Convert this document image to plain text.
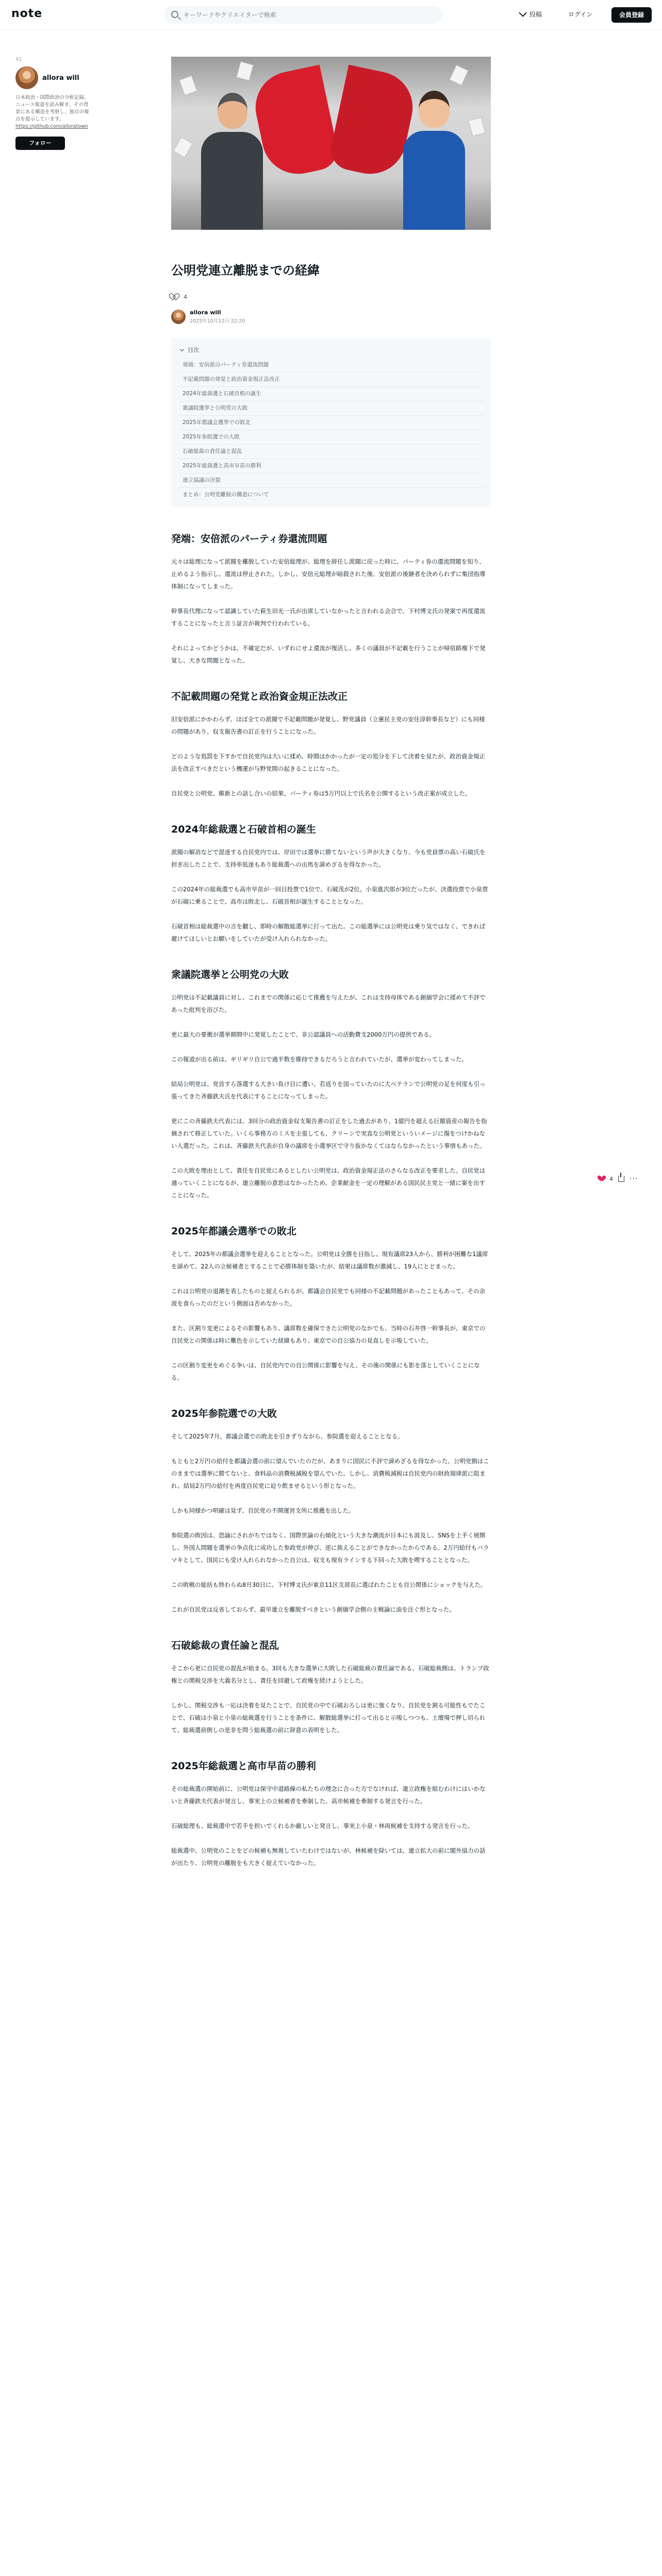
note
キーワードやクリエイターで検索	投稿	ログイン	会員登録
41
allora will
日本政治・国際政治の分析記録。ニュース報道を読み解き、その背景にある構造を考察し、独自の視点を提示しています。 https://github.com/alloratown
フォロー
公明党連立離脱までの経緯
4
allora will
2025年10月12日 22:20
目次
発端：安倍派のパーティ券還流問題
不記載問題の発覚と政治資金規正法改正
2024年総裁選と石破首相の誕生
衆議院選挙と公明党の大敗
2025年都議会選挙での敗北
2025年参院選での大敗
石破総裁の責任論と混乱
2025年総裁選と高市早苗の勝利
連立協議の決裂
まとめ：公明党離脱の構造について
発端：安倍派のパーティ券還流問題
元々は総理になって派閥を離脱していた安倍総理が、総理を辞任し派閥に戻った時に、パーティ券の還流問題を知り、止めるよう指示し、還流は停止された。しかし、安倍元総理が暗殺された後、安倍派の後継者を決められずに集団指導体制になってしまった。
幹事長代理になって認識していた萩生田光一氏が出席していなかったと言われる会合で、下村博文氏の発案で再度還流することになったと言う証言が裁判で行われている。
それによってかどうかは、不確定だが、いずれにせよ還流が復活し、多くの議員が不記載を行うことが帰宿路権下で発覚し、大きな問題となった。
不記載問題の発覚と政治資金規正法改正
旧安倍派にかかわらず、ほぼ全ての派閥で不記載問題が発覚し、野党議員（立憲民主党の安住淳幹事長など）にも同様の問題があり、収支報告書の訂正を行うことになった。
どのような処罰を下すかで自民党内は大いに揉め、時間はかかったが一定の処分を下して決着を見たが、政治資金規正法を改正すべきだという機運が与野党間の起きることになった。
自民党と公明党、維新との話し合いの結果、パーティ券は5万円以上で氏名を公開するという改正案が成立した。
2024年総裁選と石破首相の誕生
派閥の解消などで混迷する自民党内では、岸田では選挙に勝てないという声が大きくなり、今も党員票の高い石破氏を担ぎ出したことで、支持率低迷もあり総裁選への出馬を諦めざるを得なかった。
この2024年の総裁選でも高市早苗が一回目投票で1位で、石破茂が2位。小泉進次郎が3位だったが、決選投票で小泉票が石破に乗ることで、高市は敗北し、石破首相が誕生することとなった。
石破首相は総裁選中の言を翻し、即時の解散総選挙に打って出た。この総選挙には公明党は乗り気ではなく、できれば避けてほしいとお願いをしていたが受け入れられなかった。
衆議院選挙と公明党の大敗
公明党は不記載議員に対し、これまでの関係に応じて推薦を与えたが、これは支持母体である創価学会に揉めて不評であった批判を浴びた。
更に最大の要衝が選挙期間中に発覚したことで、非公認議員への活動費支2000万円の提供である。
この報道が出る前は、ギリギリ自公で過半数を維持できるだろうと言われていたが、選挙が変わってしまった。
結局公明党は、党首すら落選する大きい負け目に遭い、若返りを図っていたのに大ベテランで公明党の足を何度も引っ張ってきた斉藤鉄夫氏を代表にすることになってしまった。
更にこの斉藤鉄夫代表には、3回分の政治資金収支報告書の訂正をした過去があり、1億円を超える巨額資産の報告を指摘されて修正していた。いくら事務方のミスを主張しても、クリーンで実直な公明党といういメージに傷をつけかねない人選だった。これは、斉藤鉄夫代表が自身の議席を小選挙区で守り抜かなくてはならなかったという事情もあった。
この大敗を理由として、責任を自民党にあるとしたい公明党は、政治資金規正法のさらなる改正を要求した。自民党は通っていくことになるが、連立離脱の意思はなかったため、企業献金を一定の理解がある国民民主党と一緒に案を出すことになった。
2025年都議会選挙での敗北
そして、2025年の都議会選挙を迎えることとなった。公明党は全勝を目指し、現有議席23人から、勝利が困難な1議席を諦めて、22人の立候補者とすることで必勝体制を築いたが、結果は議席数が激減し、19人にとどまった。
これは公明党の退潮を表したものと捉えられるが、都議会自民党でも同様の不記載問題があったこともあって、その余波を食らったのだという側面は否めなかった。
また、区割り変更によるその影響もあり、議席数を確保できた公明党のなかでも、当時の石井啓一幹事長が、東京での自民党との関係は時に難色を示していた経緯もあり、東京での自公協力の見直しを示唆していた。
この区割り変更をめぐる争いは、自民党内での自公関係に影響を与え、その後の関係にも影を落としていくことになる。
2025年参院選での大敗
そして2025年7月、都議会選での敗北を引きずりながら、参院選を迎えることとなる。
もともと2万円の給付を都議会選の前に望んでいたのだが、あまりに国民に不評で諦めざるを得なかった。公明党側はこのままでは選挙に勝てないと、食料品の消費税減税を望んでいた。しかし、消費税減税は自民党内の財政規律派に阻まれ、結局2万円の給付を再度自民党に迫り飲ませるという形となった。
しかも同様かつ明確は見ず、自民党の不開運営支所に推薦を出した。
参院選の敗因は、恐論にされがちではなく、国際世論の右傾化という大きな潮流が日本にも波及し、SNSを上手く展開し、外国人問題を選挙の争点化に成功した参政党が伸び、逆に族えることができなかったからである。2万円給付もバラマキとして、国民にも受け入れられなかった自公は、収支も現有ラインする下回った大敗を喫することとなった。
この敗戦の総括も終わらぬ8月30日に、下村博文氏が東京11区支部長に選ばれたことも自公関係にショックを与えた。
これが自民党は反省しておらず、最早連立を離脱すべきという創価学会側の主戦論に油を注ぐ形となった。
石破総裁の責任論と混乱
そこから更に自民党の混乱が始まる。3回も大きな選挙に大敗した石破総裁の責任論である。石破総裁側は、トランプ政権との関税交渉を大義名分とし、責任を回避して政権を続けようとした。
しかし、関税交渉も一応は決着を見たことで、自民党の中で石破おろしは更に強くなり、自民党を割る可能性もでたことで、石破は小泉と小泉の総裁選を行うことを条件に、解散総選挙に打って出ると示唆しつつも、土壇場で押し切られて、総裁選前倒しの是非を問う総裁選の前に辞意の表明をした。
2025年総裁選と高市早苗の勝利
その総裁選の開始前に、公明党は保守中道路線の私たちの理念に合った方でなければ、連立政権を組むわけにはいかないと斉藤鉄夫代表が発言し、事実上の立候補者を牽制した。高市候補を牽制する発言を行った。
石破総理も、総裁選中で若手を担いでくれるか厳しいと発言し、事実上小泉・林両候補を支持する発言を行った。
総裁選中、公明党のことをどの候補も無視していたわけではないが、林候補を除いては、連立拡大の前に閣外協力の話が出たり、公明党の離脱をも大きく捉えていなかった。
4 ···
